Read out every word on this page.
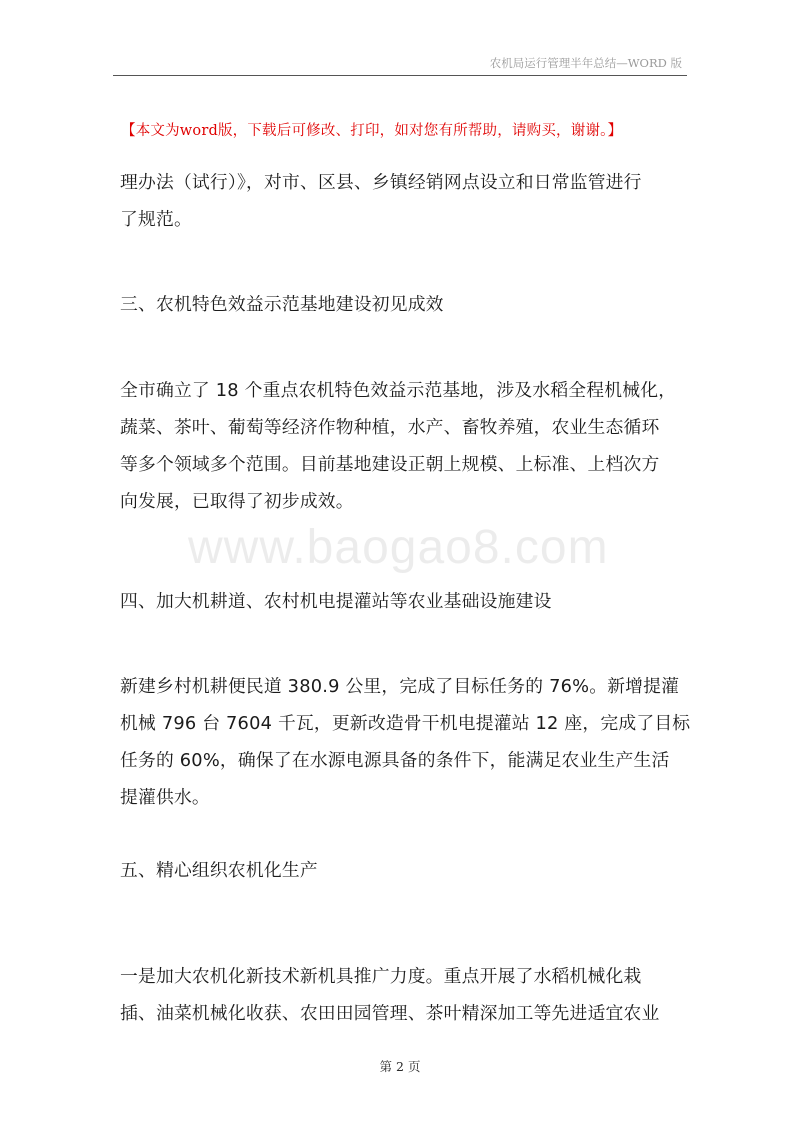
农机局运行管理半年总结—WORD 版
【本文为word版，下载后可修改、打印，如对您有所帮助，请购买，谢谢。】
理办法（试行）》，对市、区县、乡镇经销网点设立和日常监管进行
了规范。
三、农机特色效益示范基地建设初见成效
全市确立了 18 个重点农机特色效益示范基地，涉及水稻全程机械化，
蔬菜、茶叶、葡萄等经济作物种植，水产、畜牧养殖，农业生态循环
等多个领域多个范围。目前基地建设正朝上规模、上标准、上档次方
向发展，已取得了初步成效。
四、加大机耕道、农村机电提灌站等农业基础设施建设
新建乡村机耕便民道 380.9 公里，完成了目标任务的 76%。新增提灌
机械 796 台 7604 千瓦，更新改造骨干机电提灌站 12 座，完成了目标
任务的 60%，确保了在水源电源具备的条件下，能满足农业生产生活
提灌供水。
五、精心组织农机化生产
一是加大农机化新技术新机具推广力度。重点开展了水稻机械化栽
插、油菜机械化收获、农田田园管理、茶叶精深加工等先进适宜农业
www.baogao8.com
第 2 页
